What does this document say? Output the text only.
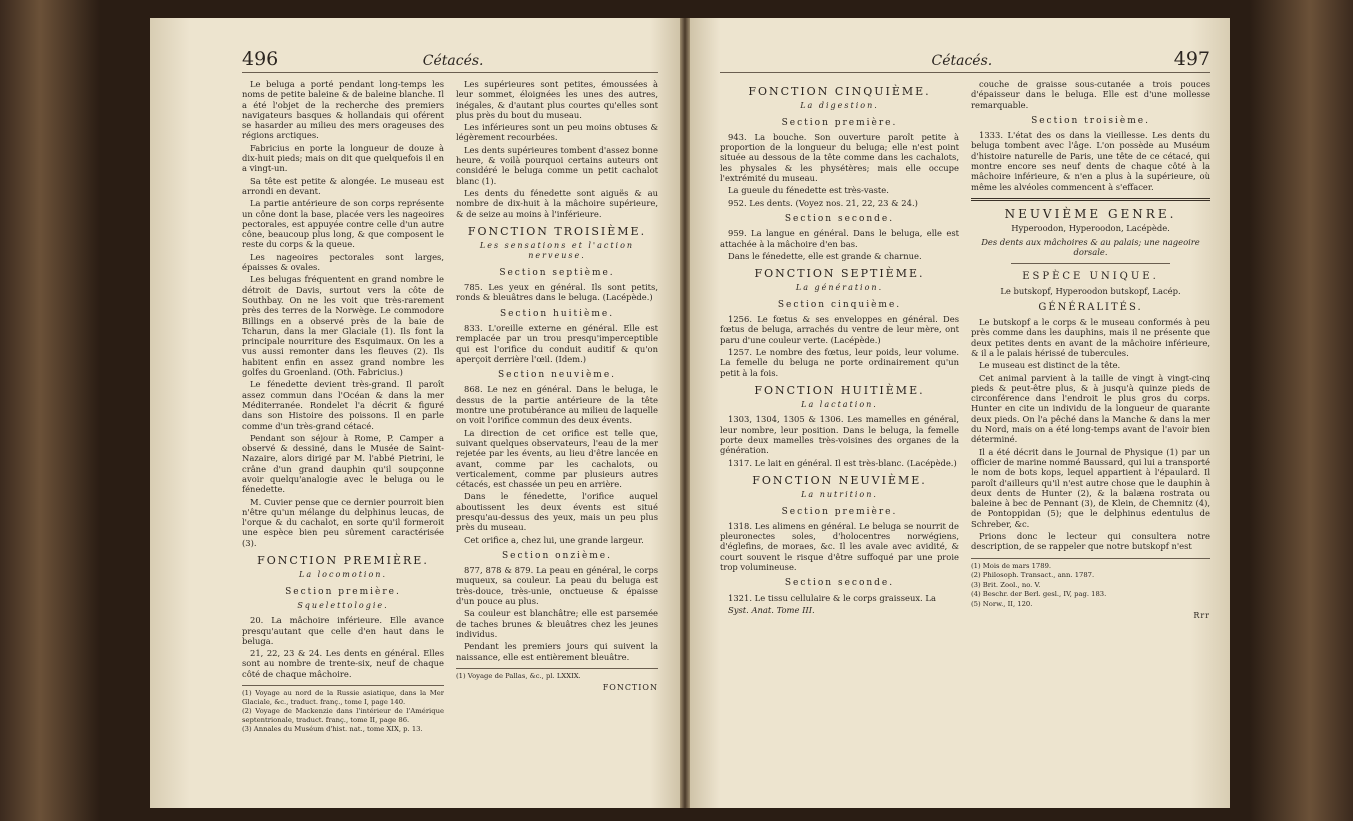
496	Cétacés.

Le beluga a porté pendant long-temps les noms de petite baleine & de baleine blanche. Il a été l'objet de la recherche des premiers navigateurs basques & hollandais qui oférent se hasarder au milieu des mers orageuses des régions arctiques.

Fabricius en porte la longueur de douze à dix-huit pieds; mais on dit que quelquefois il en a vingt-un.

Sa tête est petite & alongée. Le museau est arrondi en devant.

La partie antérieure de son corps représente un cône dont la base, placée vers les nageoires pectorales, est appuyée contre celle d'un autre cône, beaucoup plus long, & que composent le reste du corps & la queue.

Les nageoires pectorales sont larges, épaisses & ovales.

Les belugas fréquentent en grand nombre le détroit de Davis, surtout vers la côte de Southbay. On ne les voit que très-rarement près des terres de la Norwège. Le commodore Billings en a observé près de la baie de Tcharun, dans la mer Glaciale (1). Ils font la principale nourriture des Esquimaux. On les a vus aussi remonter dans les fleuves (2). Ils habitent enfin en assez grand nombre les golfes du Groenland. (Oth. Fabricius.)

Le fénedette devient très-grand. Il paroît assez commun dans l'Océan & dans la mer Méditerranée. Rondelet l'a décrit & figuré dans son Histoire des poissons. Il en parle comme d'un très-grand cétacé.

Pendant son séjour à Rome, P. Camper a observé & dessiné, dans le Musée de Saint-Nazaire, alors dirigé par M. l'abbé Pietrini, le crâne d'un grand dauphin qu'il soupçonne avoir quelqu'analogie avec le beluga ou le fénedette.

M. Cuvier pense que ce dernier pourroit bien n'être qu'un mélange du delphinus leucas, de l'orque & du cachalot, en sorte qu'il formeroit une espèce bien peu sûrement caractérisée (3).

FONCTION PREMIÈRE.
La locomotion.
Section première.
Squelettologie.

20. La mâchoire inférieure. Elle avance presqu'autant que celle d'en haut dans le beluga.

21, 22, 23 & 24. Les dents en général. Elles sont au nombre de trente-six, neuf de chaque côté de chaque mâchoire.

(1) Voyage au nord de la Russie asiatique, dans la Mer Glaciale, &c., traduct. franç., tome I, page 140.
(2) Voyage de Mackenzie dans l'intérieur de l'Amérique septentrionale, traduct. franç., tome II, page 86.
(3) Annales du Muséum d'hist. nat., tome XIX, p. 13.

Les supérieures sont petites, émoussées à leur sommet, éloignées les unes des autres, inégales, & d'autant plus courtes qu'elles sont plus près du bout du museau.

Les inférieures sont un peu moins obtuses & légèrement recourbées.

Les dents supérieures tombent d'assez bonne heure, & voilà pourquoi certains auteurs ont considéré le beluga comme un petit cachalot blanc (1).

Les dents du fénedette sont aiguës & au nombre de dix-huit à la mâchoire supérieure, & de seize au moins à l'inférieure.

FONCTION TROISIÈME.
Les sensations et l'action nerveuse.
Section septième.

785. Les yeux en général. Ils sont petits, ronds & bleuâtres dans le beluga. (Lacépède.)

Section huitième.

833. L'oreille externe en général. Elle est remplacée par un trou presqu'imperceptible qui est l'orifice du conduit auditif & qu'on aperçoit derrière l'œil. (Idem.)

Section neuvième.

868. Le nez en général. Dans le beluga, le dessus de la partie antérieure de la tête montre une protubérance au milieu de laquelle on voit l'orifice commun des deux évents.

La direction de cet orifice est telle que, suivant quelques observateurs, l'eau de la mer rejetée par les évents, au lieu d'être lancée en avant, comme par les cachalots, ou verticalement, comme par plusieurs autres cétacés, est chassée un peu en arrière.

Dans le fénedette, l'orifice auquel aboutissent les deux évents est situé presqu'au-dessus des yeux, mais un peu plus près du museau.

Cet orifice a, chez lui, une grande largeur.

Section onzième.

877, 878 & 879. La peau en général, le corps muqueux, sa couleur. La peau du beluga est très-douce, très-unie, onctueuse & épaisse d'un pouce au plus.

Sa couleur est blanchâtre; elle est parsemée de taches brunes & bleuâtres chez les jeunes individus.

Pendant les premiers jours qui suivent la naissance, elle est entièrement bleuâtre.

(1) Voyage de Pallas, &c., pl. LXXIX.
FONCTION
Cétacés.	497
FONCTION CINQUIÈME.
La digestion.
Section première.

943. La bouche. Son ouverture paroît petite à proportion de la longueur du beluga; elle n'est point située au dessous de la tête comme dans les cachalots, les physales & les physétères; mais elle occupe l'extrémité du museau.

La gueule du fénedette est très-vaste.

952. Les dents. (Voyez nos. 21, 22, 23 & 24.)

Section seconde.

959. La langue en général. Dans le beluga, elle est attachée à la mâchoire d'en bas.

Dans le fénedette, elle est grande & charnue.

FONCTION SEPTIÈME.
La génération.
Section cinquième.

1256. Le fœtus & ses enveloppes en général. Des fœtus de beluga, arrachés du ventre de leur mère, ont paru d'une couleur verte. (Lacépède.)

1257. Le nombre des fœtus, leur poids, leur volume. La femelle du beluga ne porte ordinairement qu'un petit à la fois.

FONCTION HUITIÈME.
La lactation.

1303, 1304, 1305 & 1306. Les mamelles en général, leur nombre, leur position. Dans le beluga, la femelle porte deux mamelles très-voisines des organes de la génération.

1317. Le lait en général. Il est très-blanc. (Lacépède.)

FONCTION NEUVIÈME.
La nutrition.
Section première.

1318. Les alimens en général. Le beluga se nourrit de pleuronectes soles, d'holocentres norwégiens, d'églefins, de moraes, &c. Il les avale avec avidité, & court souvent le risque d'être suffoqué par une proie trop volumineuse.

Section seconde.

1321. Le tissu cellulaire & le corps graisseux. La

Syst. Anat. Tome III.

couche de graisse sous-cutanée a trois pouces d'épaisseur dans le beluga. Elle est d'une mollesse remarquable.

Section troisième.

1333. L'état des os dans la vieillesse. Les dents du beluga tombent avec l'âge. L'on possède au Muséum d'histoire naturelle de Paris, une tête de ce cétacé, qui montre encore ses neuf dents de chaque côté à la mâchoire inférieure, & n'en a plus à la supérieure, où même les alvéoles commencent à s'effacer.

NEUVIÈME GENRE.
Hyperoodon, Hyperoodon, Lacépède.
Des dents aux mâchoires & au palais; une nageoire dorsale.
ESPÈCE UNIQUE.
Le butskopf, Hyperoodon butskopf, Lacép.
GÉNÉRALITÉS.

Le butskopf a le corps & le museau conformés à peu près comme dans les dauphins, mais il ne présente que deux petites dents en avant de la mâchoire inférieure, & il a le palais hérissé de tubercules.

Le museau est distinct de la tête.

Cet animal parvient à la taille de vingt à vingt-cinq pieds & peut-être plus, & à jusqu'à quinze pieds de circonférence dans l'endroit le plus gros du corps. Hunter en cite un individu de la longueur de quarante deux pieds. On l'a pêché dans la Manche & dans la mer du Nord, mais on a été long-temps avant de l'avoir bien déterminé.

Il a été décrit dans le Journal de Physique (1) par un officier de marine nommé Baussard, qui lui a transporté le nom de bots kops, lequel appartient à l'épaulard. Il paroît d'ailleurs qu'il n'est autre chose que le dauphin à deux dents de Hunter (2), & la balæna rostrata ou baleine à bec de Pennant (3), de Klein, de Chemnitz (4), de Pontoppidan (5); que le delphinus edentulus de Schreber, &c.

Prions donc le lecteur qui consultera notre description, de se rappeler que notre butskopf n'est

(1) Mois de mars 1789.
(2) Philosoph. Transact., ann. 1787.
(3) Brit. Zool., no. V.
(4) Beschr. der Berl. gesl., IV, pag. 183.
(5) Norw., II, 120.
Rrr
